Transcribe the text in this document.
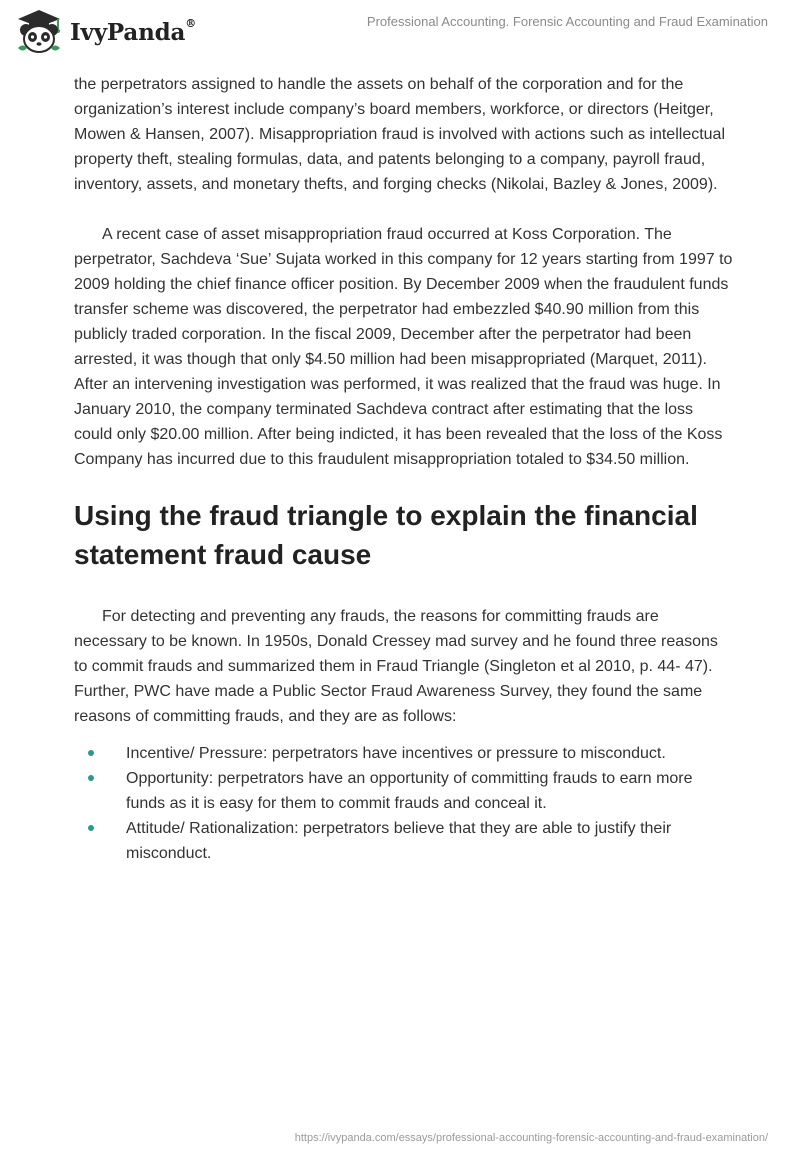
IvyPanda®	Professional Accounting. Forensic Accounting and Fraud Examination

the perpetrators assigned to handle the assets on behalf of the corporation and for the organization’s interest include company’s board members, workforce, or directors (Heitger, Mowen & Hansen, 2007). Misappropriation fraud is involved with actions such as intellectual property theft, stealing formulas, data, and patents belonging to a company, payroll fraud, inventory, assets, and monetary thefts, and forging checks (Nikolai, Bazley & Jones, 2009).

A recent case of asset misappropriation fraud occurred at Koss Corporation. The perpetrator, Sachdeva ‘Sue’ Sujata worked in this company for 12 years starting from 1997 to 2009 holding the chief finance officer position. By December 2009 when the fraudulent funds transfer scheme was discovered, the perpetrator had embezzled $40.90 million from this publicly traded corporation. In the fiscal 2009, December after the perpetrator had been arrested, it was though that only $4.50 million had been misappropriated (Marquet, 2011). After an intervening investigation was performed, it was realized that the fraud was huge. In January 2010, the company terminated Sachdeva contract after estimating that the loss could only $20.00 million. After being indicted, it has been revealed that the loss of the Koss Company has incurred due to this fraudulent misappropriation totaled to $34.50 million.

Using the fraud triangle to explain the financial statement fraud cause

For detecting and preventing any frauds, the reasons for committing frauds are necessary to be known. In 1950s, Donald Cressey mad survey and he found three reasons to commit frauds and summarized them in Fraud Triangle (Singleton et al 2010, p. 44- 47). Further, PWC have made a Public Sector Fraud Awareness Survey, they found the same reasons of committing frauds, and they are as follows:

Incentive/ Pressure: perpetrators have incentives or pressure to misconduct.
Opportunity: perpetrators have an opportunity of committing frauds to earn more funds as it is easy for them to commit frauds and conceal it.
Attitude/ Rationalization: perpetrators believe that they are able to justify their misconduct.
https://ivypanda.com/essays/professional-accounting-forensic-accounting-and-fraud-examination/
